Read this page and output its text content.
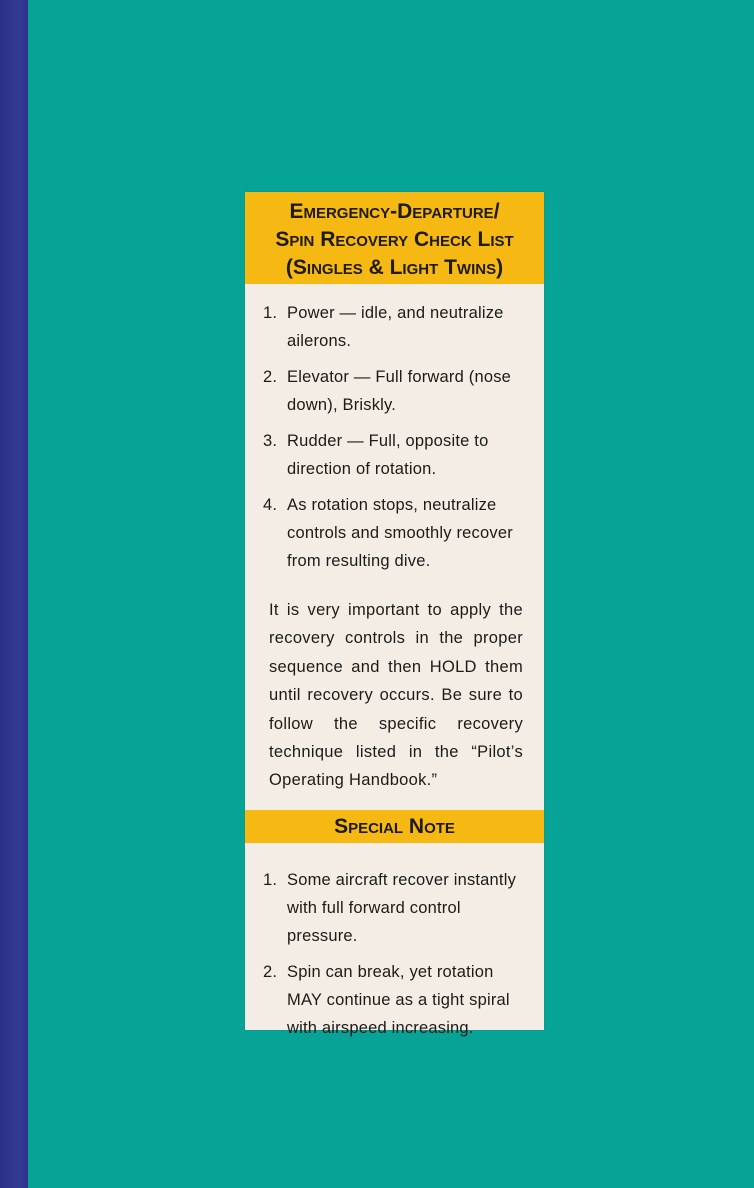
Emergency-Departure/
Spin Recovery Check List
(Singles & Light Twins)
1. Power — idle, and neutralize ailerons.
2. Elevator — Full forward (nose down), Briskly.
3. Rudder — Full, opposite to direction of rotation.
4. As rotation stops, neutralize controls and smoothly recover from resulting dive.

It is very important to apply the recovery controls in the proper sequence and then HOLD them until recovery occurs. Be sure to follow the specific recovery technique listed in the “Pilot’s Operating Handbook.”

Special Note
1. Some aircraft recover instantly with full forward control pressure.
2. Spin can break, yet rotation MAY continue as a tight spiral with airspeed increasing.
